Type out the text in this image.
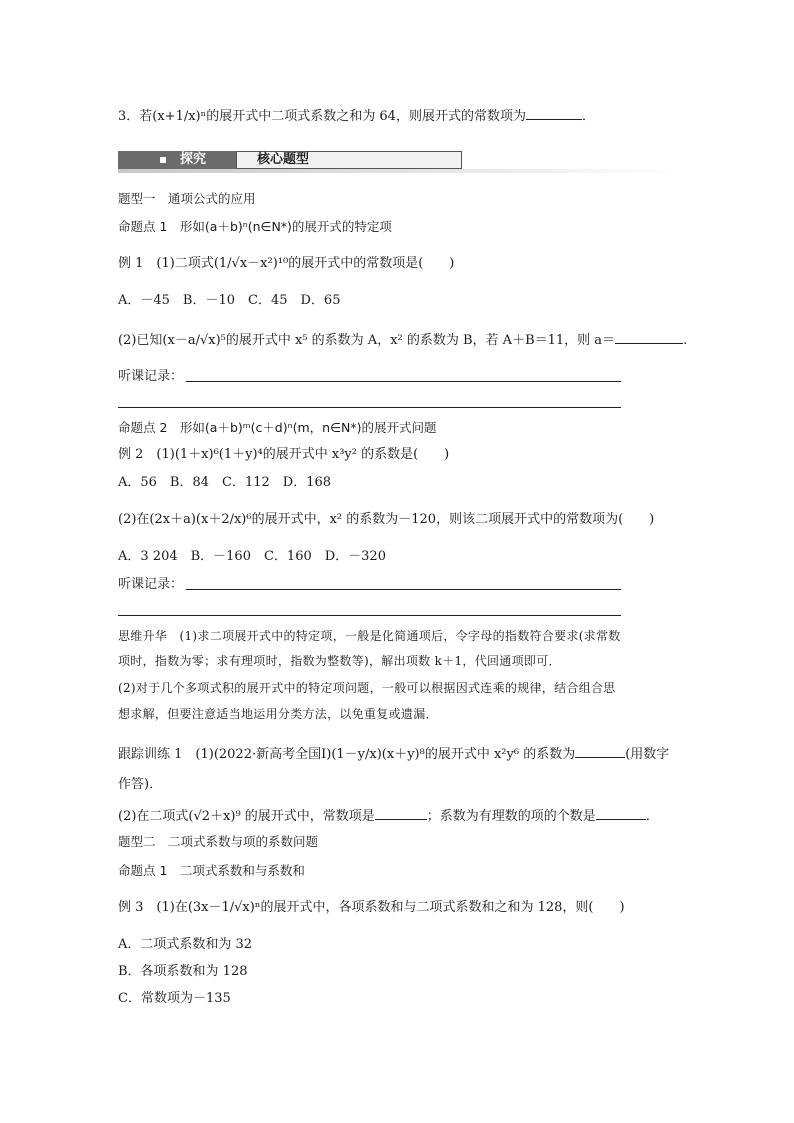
3．若(x+1/x)ⁿ的展开式中二项式系数之和为 64，则展开式的常数项为	．
探究	核心题型
题型一　通项公式的应用
命题点 1　形如(a＋b)ⁿ(n∈N*)的展开式的特定项
例 1　(1)二项式(1/√x－x²)¹⁰的展开式中的常数项是(　　)
A．－45　B．－10　C．45　D．65
(2)已知(x－a/√x)⁵的展开式中 x⁵ 的系数为 A，x² 的系数为 B，若 A＋B＝11，则 a＝	.
听课记录：
命题点 2　形如(a＋b)ᵐ(c＋d)ⁿ(m，n∈N*)的展开式问题
例 2　(1)(1＋x)⁶(1＋y)⁴的展开式中 x³y² 的系数是(　　)
A．56　B．84　C．112　D．168
(2)在(2x＋a)(x＋2/x)⁶的展开式中，x² 的系数为－120，则该二项展开式中的常数项为(　　)
A．3 204　B．－160　C．160　D．－320
听课记录：
思维升华　(1)求二项展开式中的特定项，一般是化简通项后，令字母的指数符合要求(求常数
项时，指数为零；求有理项时，指数为整数等)，解出项数 k＋1，代回通项即可．
(2)对于几个多项式积的展开式中的特定项问题，一般可以根据因式连乘的规律，结合组合思
想求解，但要注意适当地运用分类方法，以免重复或遗漏．
跟踪训练 1　(1)(2022·新高考全国Ⅰ)(1－y/x)(x＋y)⁸的展开式中 x²y⁶ 的系数为	(用数字
作答)．
(2)在二项式(√2＋x)⁹ 的展开式中，常数项是	；系数为有理数的项的个数是	．
题型二　二项式系数与项的系数问题
命题点 1　二项式系数和与系数和
例 3　(1)在(3x－1/√x)ⁿ的展开式中，各项系数和与二项式系数和之和为 128，则(　　)
A．二项式系数和为 32
B．各项系数和为 128
C．常数项为－135
